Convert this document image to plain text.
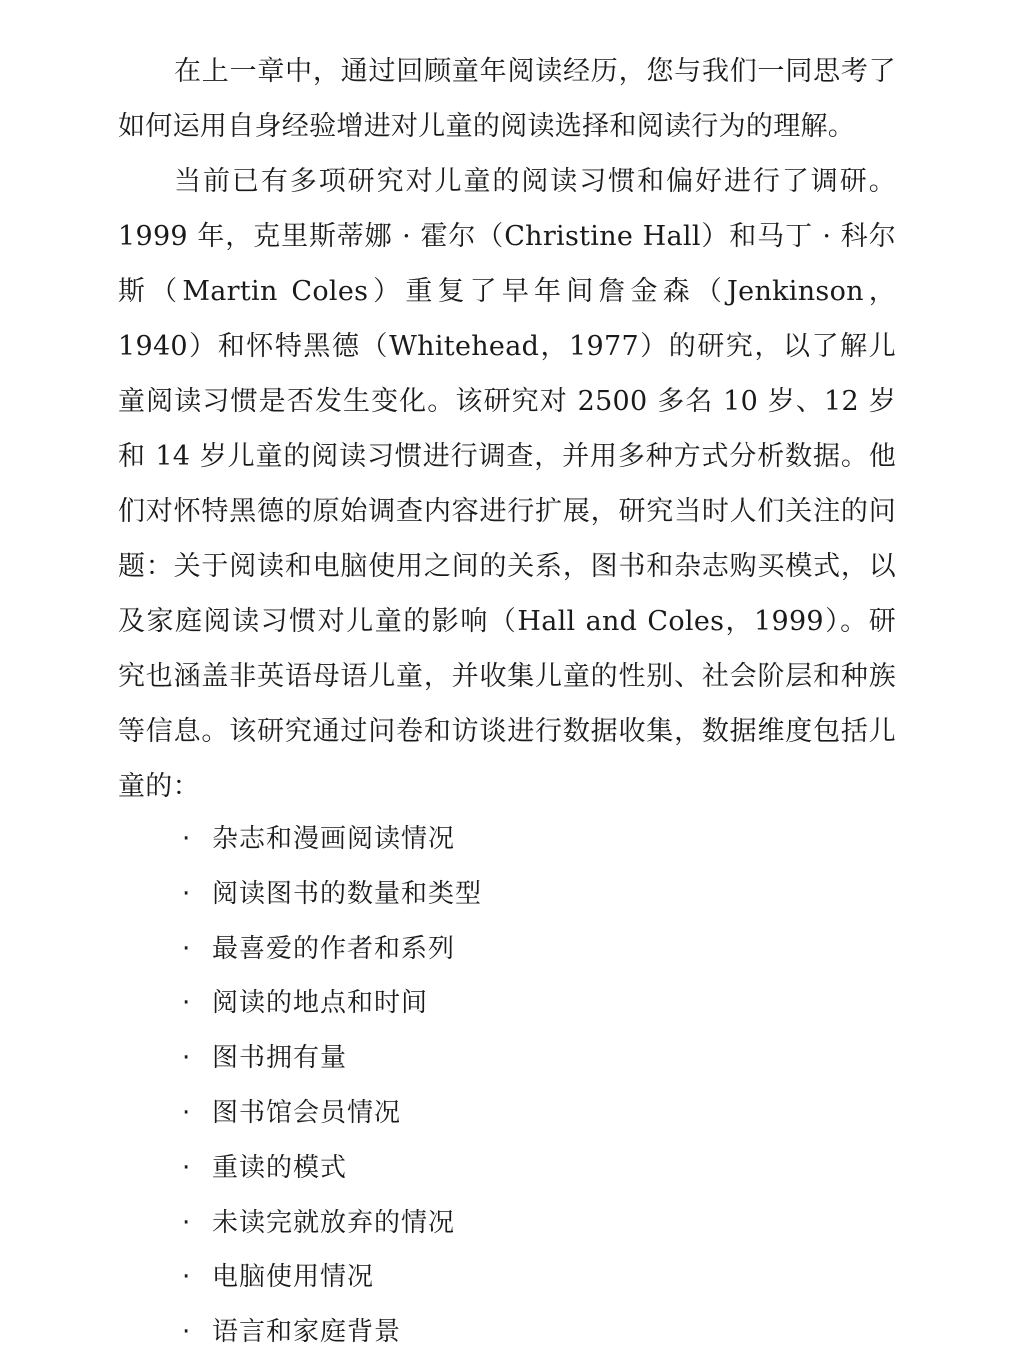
在上一章中，通过回顾童年阅读经历，您与我们一同思考了如何运用自身经验增进对儿童的阅读选择和阅读行为的理解。

当前已有多项研究对儿童的阅读习惯和偏好进行了调研。1999 年，克里斯蒂娜 · 霍尔（Christine Hall）和马丁 · 科尔斯（Martin Coles）重复了早年间詹金森（Jenkinson，1940）和怀特黑德（Whitehead，1977）的研究，以了解儿童阅读习惯是否发生变化。该研究对 2500 多名 10 岁、12 岁和 14 岁儿童的阅读习惯进行调查，并用多种方式分析数据。他们对怀特黑德的原始调查内容进行扩展，研究当时人们关注的问题：关于阅读和电脑使用之间的关系，图书和杂志购买模式，以及家庭阅读习惯对儿童的影响（Hall and Coles，1999）。研究也涵盖非英语母语儿童，并收集儿童的性别、社会阶层和种族等信息。该研究通过问卷和访谈进行数据收集，数据维度包括儿童的：

· 杂志和漫画阅读情况
· 阅读图书的数量和类型
· 最喜爱的作者和系列
· 阅读的地点和时间
· 图书拥有量
· 图书馆会员情况
· 重读的模式
· 未读完就放弃的情况
· 电脑使用情况
· 语言和家庭背景
